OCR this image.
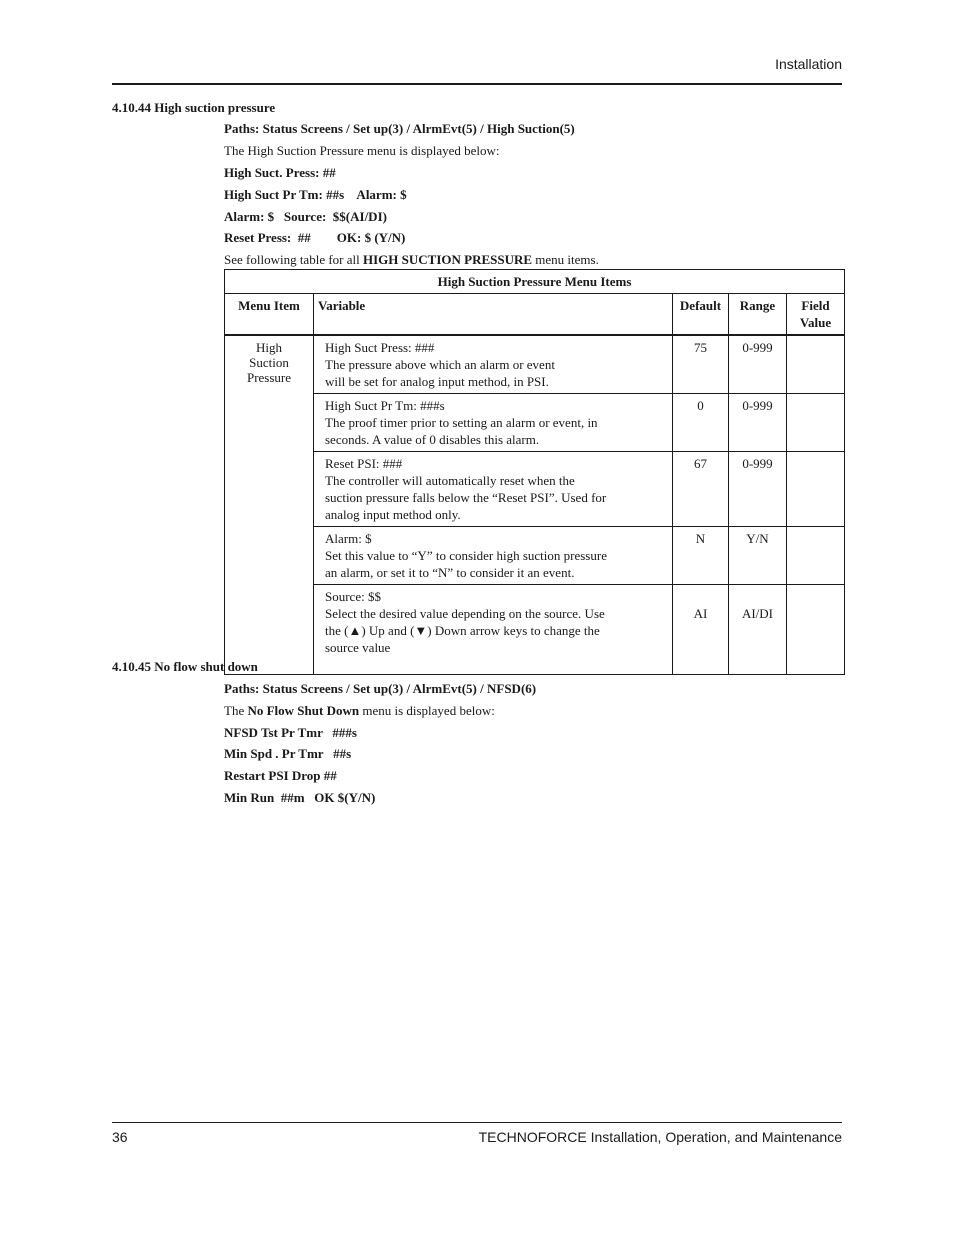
Installation
4.10.44 High suction pressure
Paths: Status Screens / Set up(3) / AlrmEvt(5) / High Suction(5)
The High Suction Pressure menu is displayed below:
High Suct. Press: ##
High Suct Pr Tm: ##s    Alarm: $
Alarm: $   Source:  $$(AI/DI)
Reset Press:  ##        OK: $ (Y/N)
See following table for all HIGH SUCTION PRESSURE menu items.
High Suction Pressure Menu Items				
Menu Item	Variable	Default	Range	Field
Value

High
Suction
Pressure	High Suct Press: ###
The pressure above which an alarm or event
will be set for analog input method, in PSI.	75	0-999	

	High Suct Pr Tm: ###s
The proof timer prior to setting an alarm or event, in
seconds. A value of 0 disables this alarm.	0	0-999	

	Reset PSI: ###
The controller will automatically reset when the
suction pressure falls below the “Reset PSI”. Used for
analog input method only.	67	0-999	

	Alarm: $
Set this value to “Y” to consider high suction pressure
an alarm, or set it to “N” to consider it an event.	N	Y/N	

	Source: $$
Select the desired value depending on the source. Use
the (▲) Up and (▼) Down arrow keys to change the
source value	AI	AI/DI	
4.10.45 No flow shut down
Paths: Status Screens / Set up(3) / AlrmEvt(5) / NFSD(6)
The No Flow Shut Down menu is displayed below:
NFSD Tst Pr Tmr   ###s
Min Spd . Pr Tmr   ##s
Restart PSI Drop ##
Min Run  ##m   OK $(Y/N)
36	TECHNOFORCE Installation, Operation, and Maintenance
